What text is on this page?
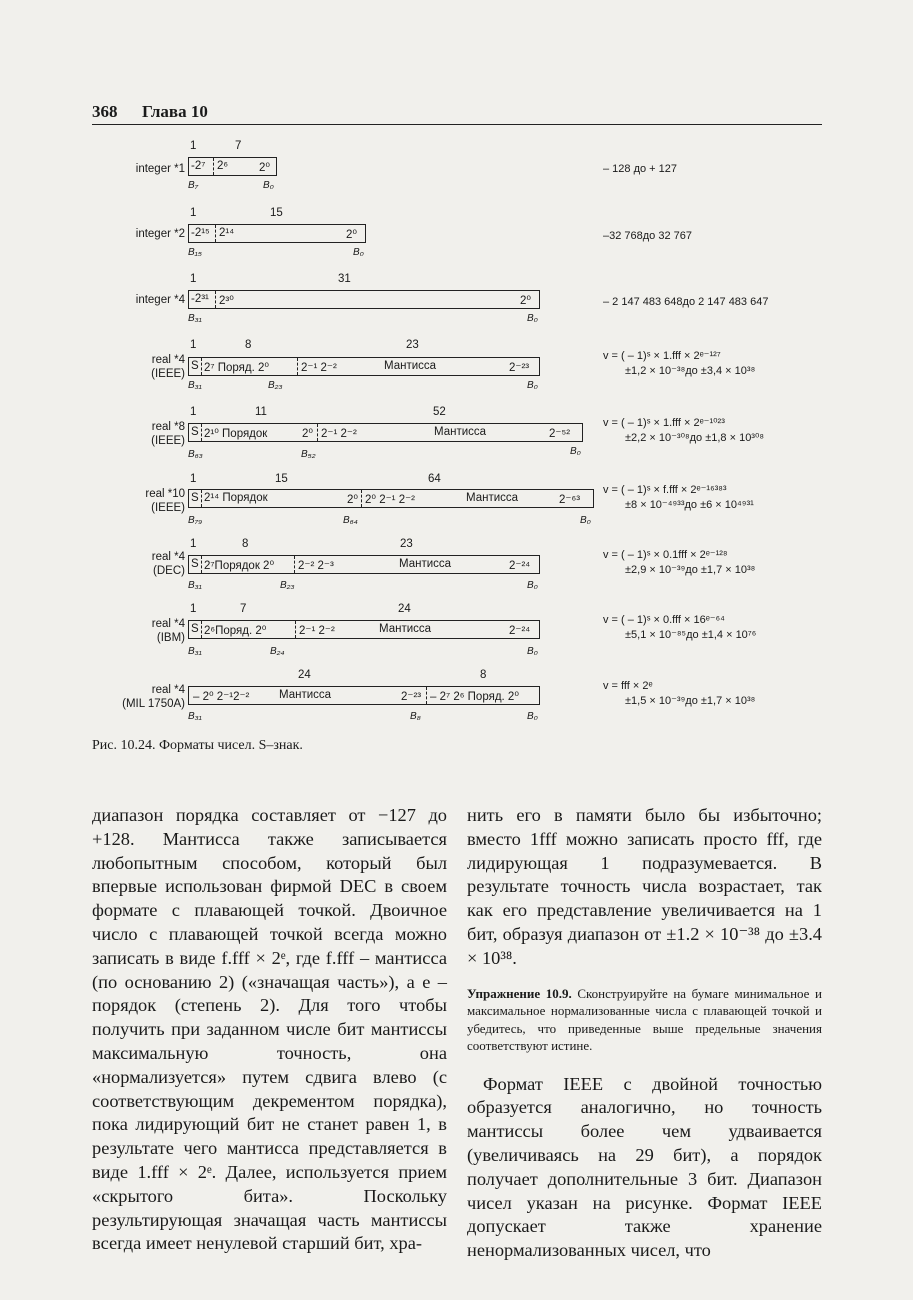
368 Глава 10
1	7
integer *1 -2⁷ 2⁶	2⁰
B₇	B₀
– 128 до + 127
1	15
integer *2 -2¹⁵ 2¹⁴	2⁰
B₁₅	B₀
–32 768до 32 767
1	31
integer *4 -2³¹ 2³⁰	2⁰
B₃₁	B₀
– 2 147 483 648до 2 147 483 647
1	8	23
real *4
(IEEE)
S 2⁷ Поряд. 2⁰	2⁻¹ 2⁻²	Мантисса	2⁻²³
B₃₁	B₂₃	B₀
v = ( – 1)ˢ × 1.fff × 2ᵉ⁻¹²⁷
±1,2 × 10⁻³⁸до ±3,4 × 10³⁸
1	11	52
real *8
(IEEE)
S 2¹⁰ Порядок	2⁰ 2⁻¹ 2⁻²	Мантисса	2⁻⁵²
B₆₃	B₅₂	B₀
v = ( – 1)ˢ × 1.fff × 2ᵉ⁻¹⁰²³
±2,2 × 10⁻³⁰⁸до ±1,8 × 10³⁰⁸
1	15	64
real *10
(IEEE)
S 2¹⁴ Порядок	2⁰ 2⁰ 2⁻¹ 2⁻²	Мантисса	2⁻⁶³
B₇₉	B₆₄	B₀
v = ( – 1)ˢ × f.fff × 2ᵉ⁻¹⁶³⁸³
±8 × 10⁻⁴⁹³³до ±6 × 10⁴⁹³¹
1	8	23
real *4
(DEC)
S 2⁷Порядок 2⁰ 2⁻² 2⁻³	Мантисса	2⁻²⁴
B₃₁	B₂₃	B₀
v = ( – 1)ˢ × 0.1fff × 2ᵉ⁻¹²⁸
±2,9 × 10⁻³⁹до ±1,7 × 10³⁸
1	7	24
real *4
(IBM)
S 2⁶Поряд. 2⁰	2⁻¹ 2⁻²	Мантисса	2⁻²⁴
B₃₁	B₂₄	B₀
v = ( – 1)ˢ × 0.fff × 16ᵉ⁻⁶⁴
±5,1 × 10⁻⁸⁵до ±1,4 × 10⁷⁶
24	8
real *4
(MIL 1750A)
– 2⁰ 2⁻¹2⁻²	Мантисса	2⁻²³ – 2⁷ 2⁶ Поряд. 2⁰
B₃₁	B₈	B₀
v = fff × 2ᵉ
±1,5 × 10⁻³⁹до ±1,7 × 10³⁸
Рис. 10.24. Форматы чисел. S–знак.

диапазон порядка составляет от −127 до +128. Мантисса также записывается любопытным способом, который был впервые использован фирмой DEC в своем формате с плавающей точкой. Двоичное число с плавающей точкой всегда можно записать в виде f.fff × 2ᵉ, где f.fff – мантисса (по основанию 2) («значащая часть»), а e – порядок (степень 2). Для того чтобы получить при заданном числе бит мантиссы максимальную точность, она «нормализуется» путем сдвига влево (с соответствующим декрементом порядка), пока лидирующий бит не станет равен 1, в результате чего мантисса представляется в виде 1.fff × 2ᵉ. Далее, используется прием «скрытого бита». Поскольку результирующая значащая часть мантиссы всегда имеет ненулевой старший бит, хра-

нить его в памяти было бы избыточно; вместо 1fff можно записать просто fff, где лидирующая 1 подразумевается. В результате точность числа возрастает, так как его представление увеличивается на 1 бит, образуя диапазон от ±1.2 × 10⁻³⁸ до ±3.4 × 10³⁸.

Упражнение 10.9. Сконструируйте на бумаге минимальное и максимальное нормализованные числа с плавающей точкой и убедитесь, что приведенные выше предельные значения соответствуют истине.

Формат IEEE с двойной точностью образуется аналогично, но точность мантиссы более чем удваивается (увеличиваясь на 29 бит), а порядок получает дополнительные 3 бит. Диапазон чисел указан на рисунке. Формат IEEE допускает также хранение ненормализованных чисел, что
